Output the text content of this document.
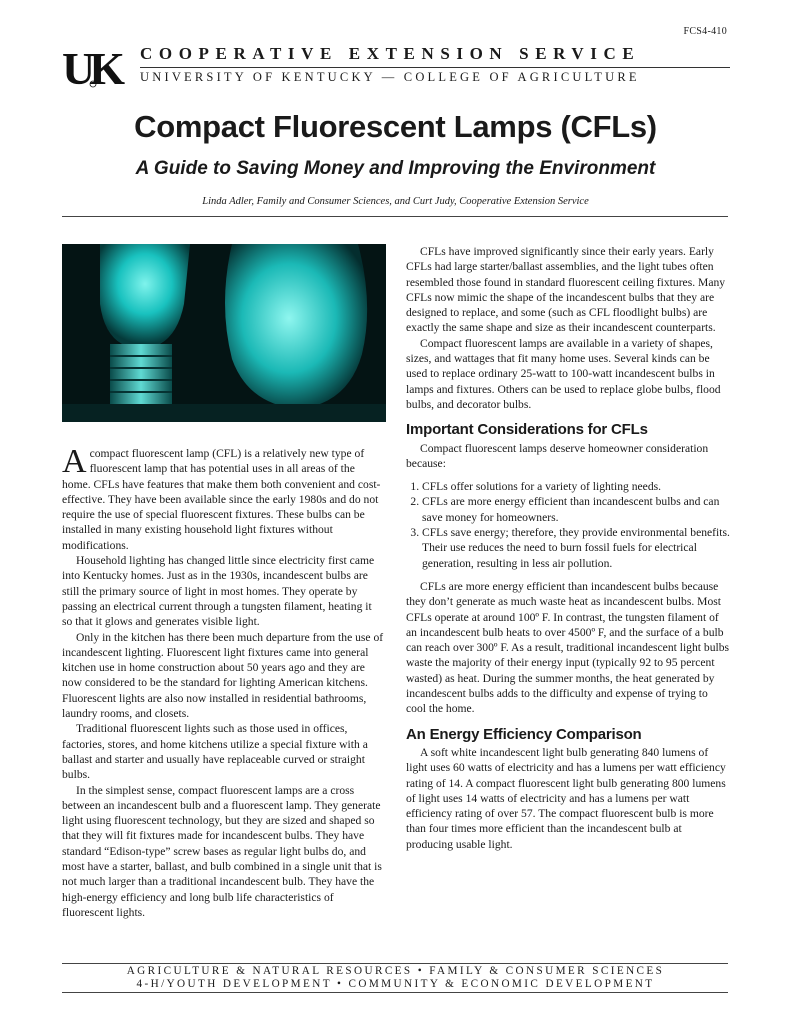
FCS4-410
UK	COOPERATIVE EXTENSION SERVICE
UNIVERSITY OF KENTUCKY — COLLEGE OF AGRICULTURE
Compact Fluorescent Lamps (CFLs)
A Guide to Saving Money and Improving the Environment
Linda Adler, Family and Consumer Sciences, and Curt Judy, Cooperative Extension Service

A compact fluorescent lamp (CFL) is a relatively new type of fluorescent lamp that has potential uses in all areas of the home. CFLs have features that make them both convenient and cost-effective. They have been available since the early 1980s and do not require the use of special fluorescent fixtures. These bulbs can be installed in many existing household light fixtures without modifications.

Household lighting has changed little since electricity first came into Kentucky homes. Just as in the 1930s, incandescent bulbs are still the primary source of light in most homes. They operate by passing an electrical current through a tungsten filament, heating it so that it glows and generates visible light.

Only in the kitchen has there been much departure from the use of incandescent lighting. Fluorescent light fixtures came into general kitchen use in home construction about 50 years ago and they are now considered to be the standard for lighting American kitchens. Fluorescent lights are also now installed in residential bathrooms, laundry rooms, and closets.

Traditional fluorescent lights such as those used in offices, factories, stores, and home kitchens utilize a special fixture with a ballast and starter and usually have replaceable curved or straight bulbs.

In the simplest sense, compact fluorescent lamps are a cross between an incandescent bulb and a fluorescent lamp. They generate light using fluorescent technology, but they are sized and shaped so that they will fit fixtures made for incandescent bulbs. They have standard “Edison-type” screw bases as regular light bulbs do, and most have a starter, ballast, and bulb combined in a single unit that is not much larger than a traditional incandescent bulb. They have the high-energy efficiency and long bulb life characteristics of fluorescent lights.

CFLs have improved significantly since their early years. Early CFLs had large starter/ballast assemblies, and the light tubes often resembled those found in standard fluorescent ceiling fixtures. Many CFLs now mimic the shape of the incandescent bulbs that they are designed to replace, and some (such as CFL floodlight bulbs) are exactly the same shape and size as their incandescent counterparts.

Compact fluorescent lamps are available in a variety of shapes, sizes, and wattages that fit many home uses. Several kinds can be used to replace ordinary 25-watt to 100-watt incandescent bulbs in lamps and fixtures. Others can be used to replace globe bulbs, flood bulbs, and decorator bulbs.

Important Considerations for CFLs

Compact fluorescent lamps deserve homeowner consideration because:

1. CFLs offer solutions for a variety of lighting needs.
2. CFLs are more energy efficient than incandescent bulbs and can save money for homeowners.
3. CFLs save energy; therefore, they provide environmental benefits. Their use reduces the need to burn fossil fuels for electrical generation, resulting in less air pollution.

CFLs are more energy efficient than incandescent bulbs because they don’t generate as much waste heat as incandescent bulbs. Most CFLs operate at around 100º F. In contrast, the tungsten filament of an incandescent bulb heats to over 4500º F, and the surface of a bulb can reach over 300º F. As a result, traditional incandescent light bulbs waste the majority of their energy input (typically 92 to 95 percent wasted) as heat. During the summer months, the heat generated by incandescent bulbs adds to the difficulty and expense of trying to cool the home.

An Energy Efficiency Comparison

A soft white incandescent light bulb generating 840 lumens of light uses 60 watts of electricity and has a lumens per watt efficiency rating of 14. A compact fluorescent light bulb generating 800 lumens of light uses 14 watts of electricity and has a lumens per watt efficiency rating of over 57. The compact fluorescent bulb is more than four times more efficient than the incandescent bulb at producing usable light.

AGRICULTURE & NATURAL RESOURCES • FAMILY & CONSUMER SCIENCES
4-H/YOUTH DEVELOPMENT • COMMUNITY & ECONOMIC DEVELOPMENT
